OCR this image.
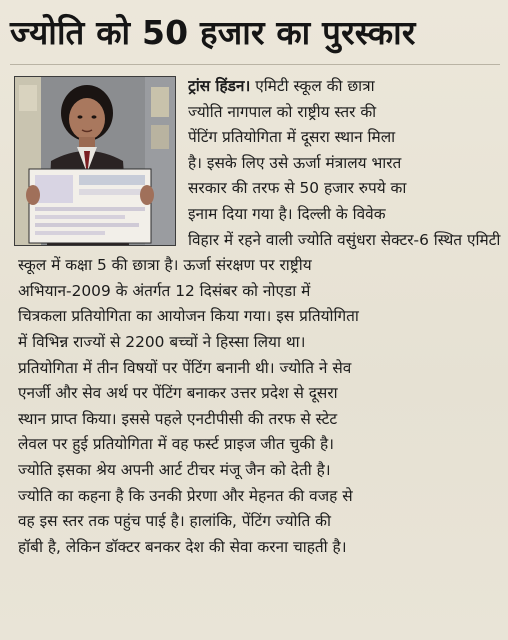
ज्योति को 50 हजार का पुरस्कार

ट्रांस हिंडन। एमिटी स्कूल की छात्रा
ज्योति नागपाल को राष्ट्रीय स्तर की
पेंटिंग प्रतियोगिता में दूसरा स्थान मिला
है। इसके लिए उसे ऊर्जा मंत्रालय भारत
सरकार की तरफ से 50 हजार रुपये का
इनाम दिया गया है। दिल्ली के विवेक
विहार में रहने वाली ज्योति वसुंधरा सेक्टर-6 स्थित एमिटी
स्कूल में कक्षा 5 की छात्रा है। ऊर्जा संरक्षण पर राष्ट्रीय
अभियान-2009 के अंतर्गत 12 दिसंबर को नोएडा में
चित्रकला प्रतियोगिता का आयोजन किया गया। इस प्रतियोगिता
में विभिन्न राज्यों से 2200 बच्चों ने हिस्सा लिया था।
प्रतियोगिता में तीन विषयों पर पेंटिंग बनानी थी। ज्योति ने सेव
एनर्जी और सेव अर्थ पर पेंटिंग बनाकर उत्तर प्रदेश से दूसरा
स्थान प्राप्त किया। इससे पहले एनटीपीसी की तरफ से स्टेट
लेवल पर हुई प्रतियोगिता में वह फर्स्ट प्राइज जीत चुकी है।
ज्योति इसका श्रेय अपनी आर्ट टीचर मंजू जैन को देती है।
ज्योति का कहना है कि उनकी प्रेरणा और मेहनत की वजह से
वह इस स्तर तक पहुंच पाई है। हालांकि, पेंटिंग ज्योति की
हॉबी है, लेकिन डॉक्टर बनकर देश की सेवा करना चाहती है।
